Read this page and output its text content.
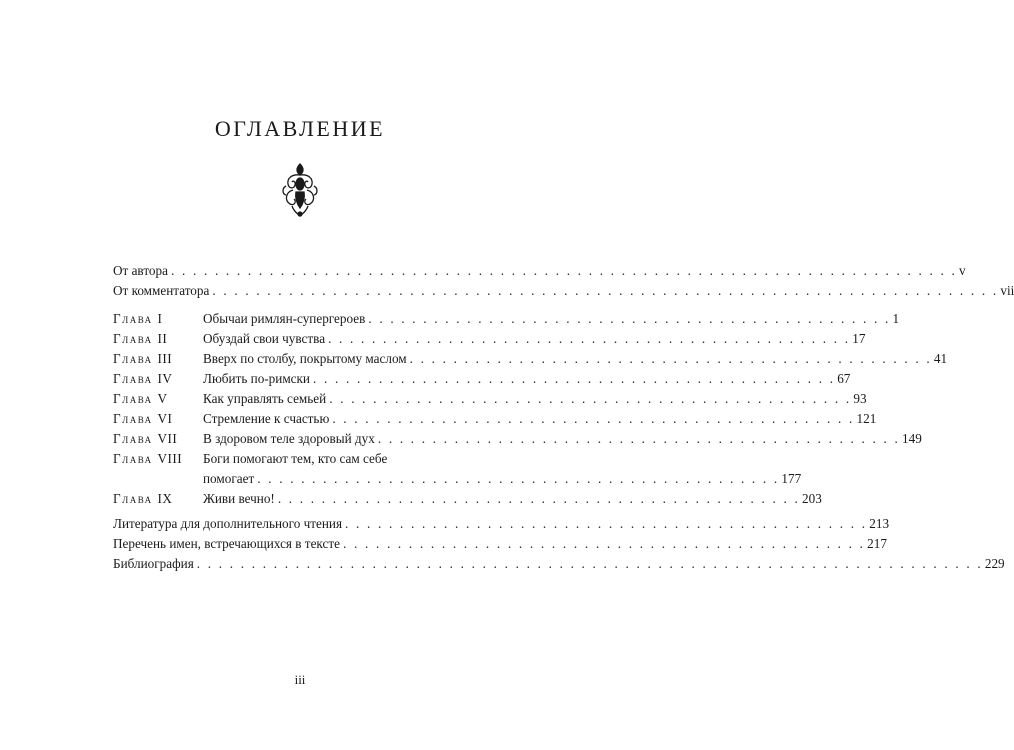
ОГЛАВЛЕНИЕ
От автора . . . . . . . . . . . . . . . . . . . . . . . . . . . . . . . . . . . . . . . . . . . . . . . . . . . . . . . . . . . . . . . . . . . . . . . . v
От комментатора . . . . . . . . . . . . . . . . . . . . . . . . . . . . . . . . . . . . . . . . . . . . . . . . . . . . . . . . . . . . . . . . . . . . . . . . vii
Глава I	Обычаи римлян-супергероев . . . . . . . . . . . . . . . . . . . . . . . . . . . . . . . . . . . . . . . . . . . . . . . . 1
Глава II	Обуздай свои чувства . . . . . . . . . . . . . . . . . . . . . . . . . . . . . . . . . . . . . . . . . . . . . . . . 17
Глава III	Вверх по столбу, покрытому маслом . . . . . . . . . . . . . . . . . . . . . . . . . . . . . . . . . . . . . . . . . . . . . . . . 41
Глава IV	Любить по-римски . . . . . . . . . . . . . . . . . . . . . . . . . . . . . . . . . . . . . . . . . . . . . . . . 67
Глава V	Как управлять семьей . . . . . . . . . . . . . . . . . . . . . . . . . . . . . . . . . . . . . . . . . . . . . . . . 93
Глава VI	Стремление к счастью . . . . . . . . . . . . . . . . . . . . . . . . . . . . . . . . . . . . . . . . . . . . . . . . 121
Глава VII	В здоровом теле здоровый дух . . . . . . . . . . . . . . . . . . . . . . . . . . . . . . . . . . . . . . . . . . . . . . . . 149
Глава VIII	Боги помогают тем, кто сам себе
помогает . . . . . . . . . . . . . . . . . . . . . . . . . . . . . . . . . . . . . . . . . . . . . . . . 177
Глава IX	Живи вечно! . . . . . . . . . . . . . . . . . . . . . . . . . . . . . . . . . . . . . . . . . . . . . . . . 203
Литература для дополнительного чтения . . . . . . . . . . . . . . . . . . . . . . . . . . . . . . . . . . . . . . . . . . . . . . . . 213
Перечень имен, встречающихся в тексте . . . . . . . . . . . . . . . . . . . . . . . . . . . . . . . . . . . . . . . . . . . . . . . . 217
Библиография . . . . . . . . . . . . . . . . . . . . . . . . . . . . . . . . . . . . . . . . . . . . . . . . . . . . . . . . . . . . . . . . . . . . . . . . 229
iii
